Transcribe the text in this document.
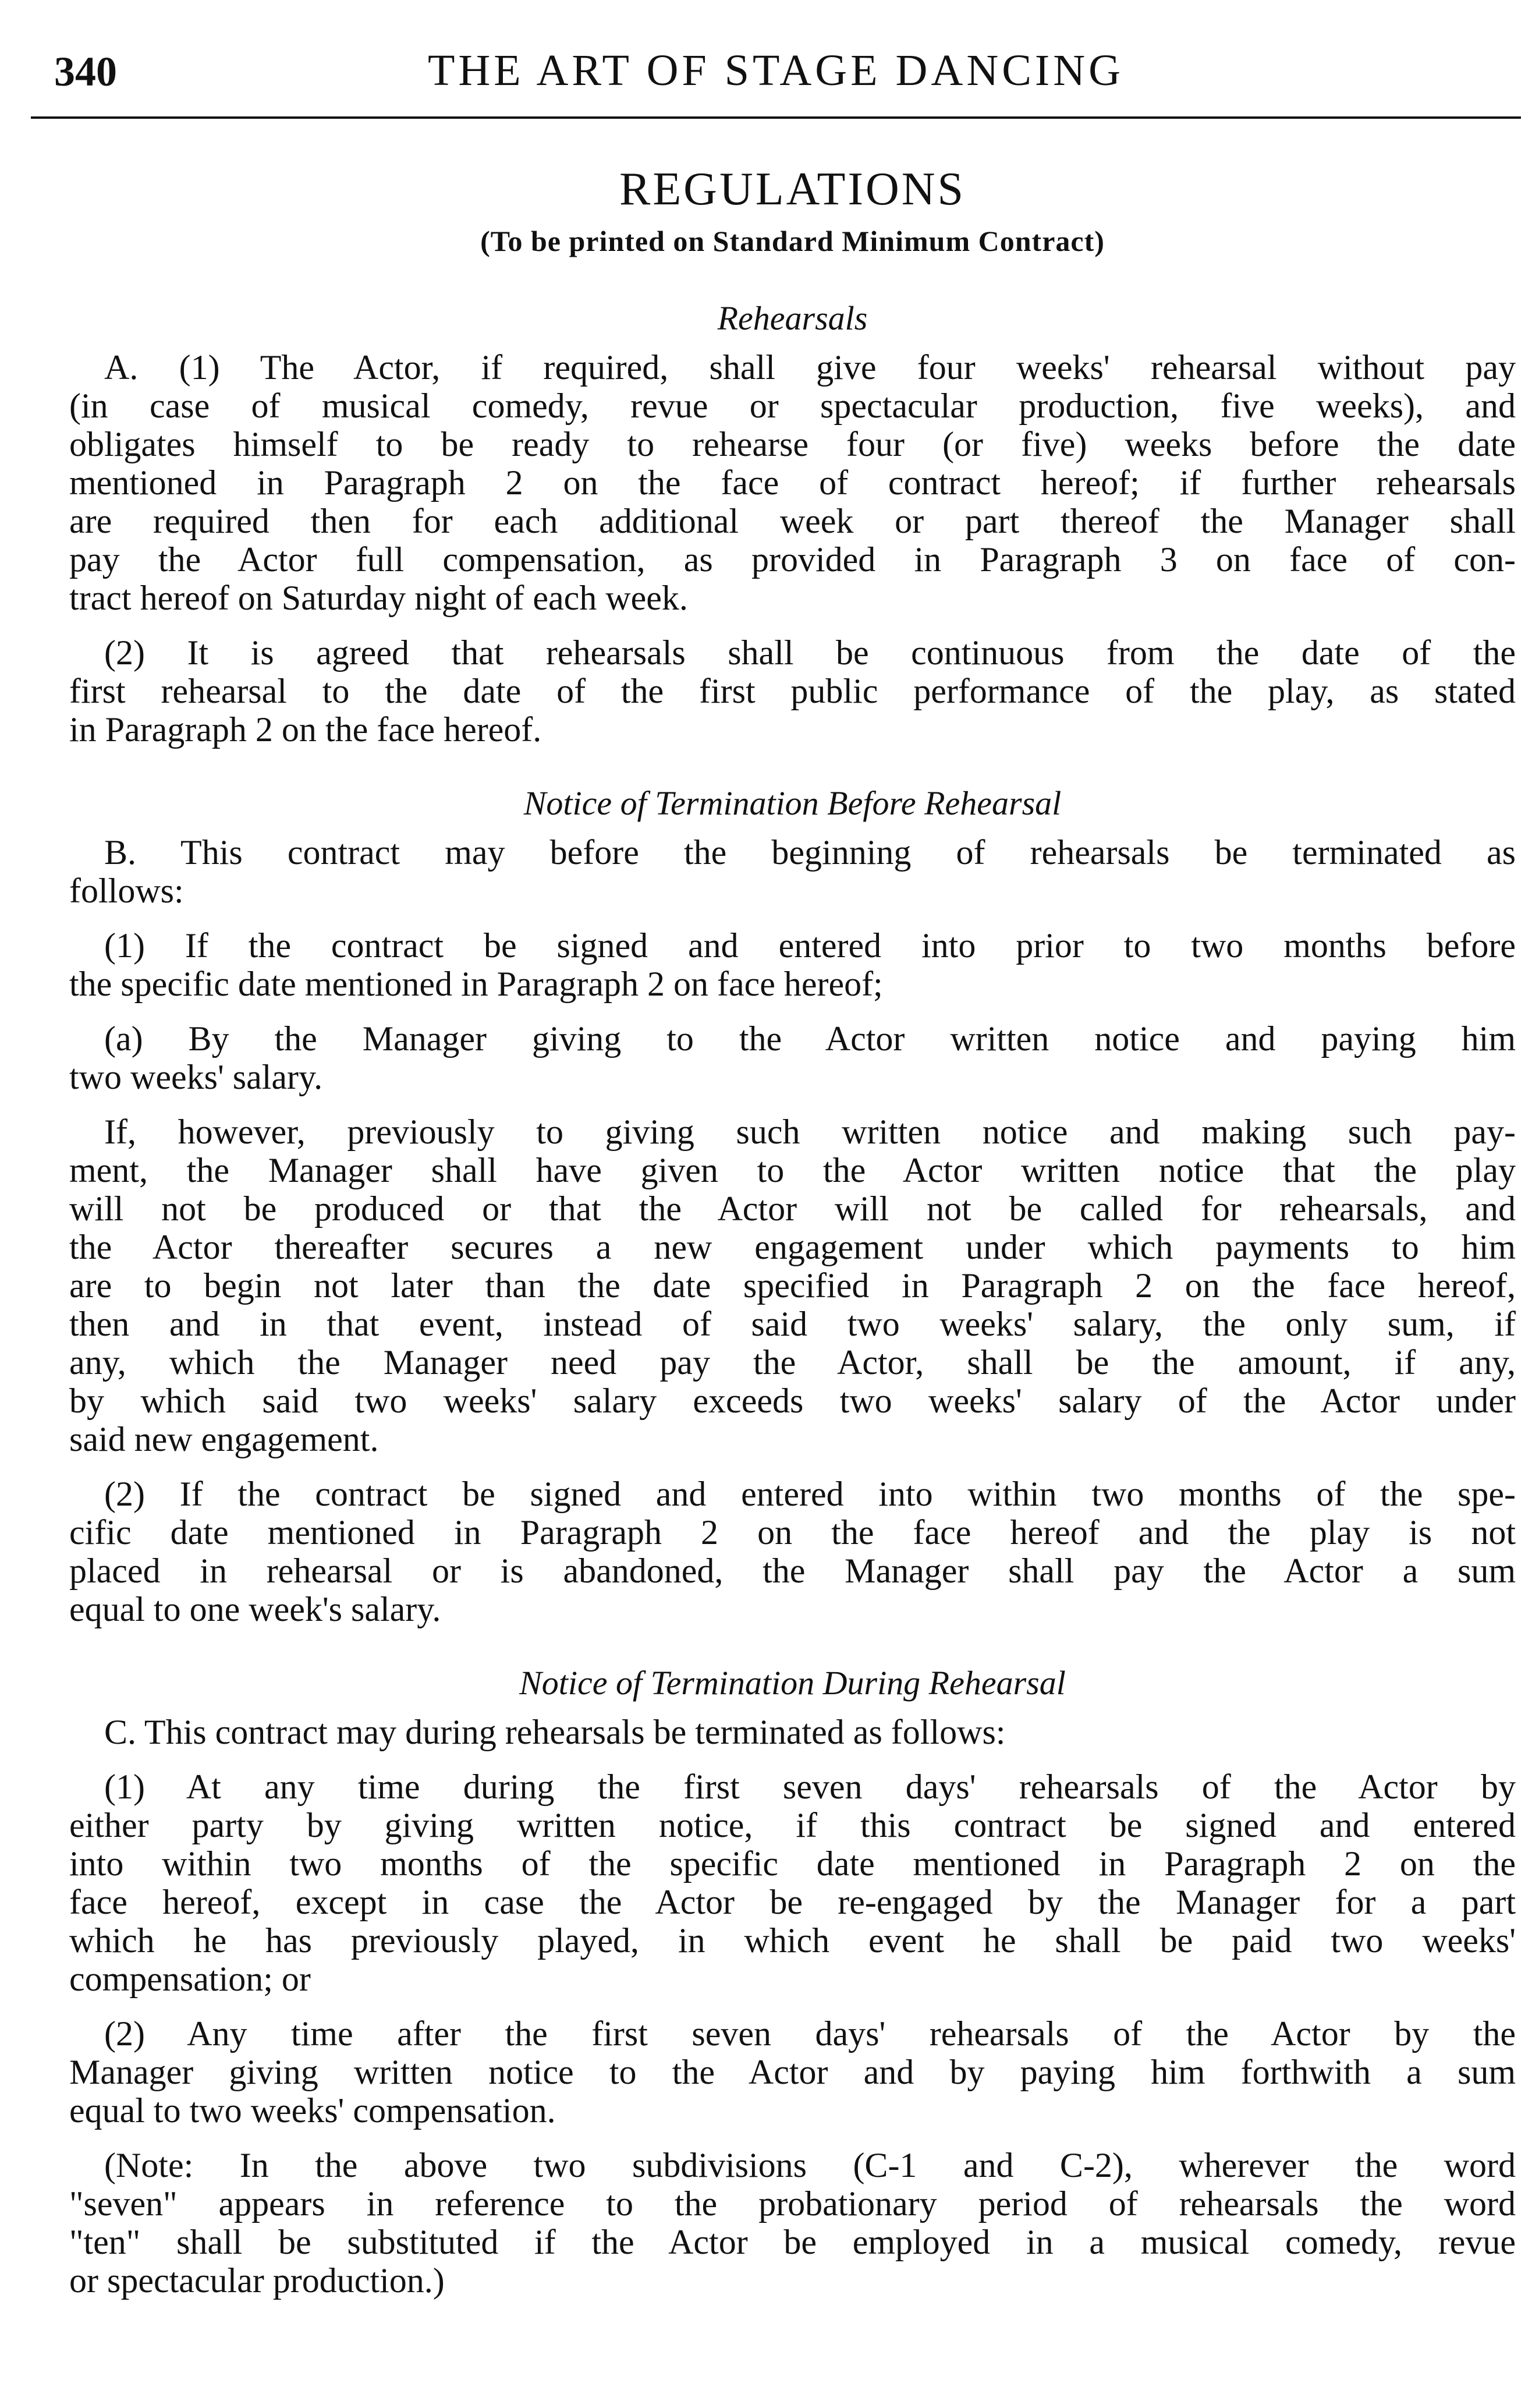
340	THE ART OF STAGE DANCING
REGULATIONS
(To be printed on Standard Minimum Contract)
Rehearsals
A. (1) The Actor, if required, shall give four weeks' rehearsal without pay
(in case of musical comedy, revue or spectacular production, five weeks), and
obligates himself to be ready to rehearse four (or five) weeks before the date
mentioned in Paragraph 2 on the face of contract hereof; if further rehearsals
are required then for each additional week or part thereof the Manager shall
pay the Actor full compensation, as provided in Paragraph 3 on face of con-
tract hereof on Saturday night of each week.
(2) It is agreed that rehearsals shall be continuous from the date of the
first rehearsal to the date of the first public performance of the play, as stated
in Paragraph 2 on the face hereof.
Notice of Termination Before Rehearsal
B. This contract may before the beginning of rehearsals be terminated as
follows:
(1) If the contract be signed and entered into prior to two months before
the specific date mentioned in Paragraph 2 on face hereof;
(a) By the Manager giving to the Actor written notice and paying him
two weeks' salary.
If, however, previously to giving such written notice and making such pay-
ment, the Manager shall have given to the Actor written notice that the play
will not be produced or that the Actor will not be called for rehearsals, and
the Actor thereafter secures a new engagement under which payments to him
are to begin not later than the date specified in Paragraph 2 on the face hereof,
then and in that event, instead of said two weeks' salary, the only sum, if
any, which the Manager need pay the Actor, shall be the amount, if any,
by which said two weeks' salary exceeds two weeks' salary of the Actor under
said new engagement.
(2) If the contract be signed and entered into within two months of the spe-
cific date mentioned in Paragraph 2 on the face hereof and the play is not
placed in rehearsal or is abandoned, the Manager shall pay the Actor a sum
equal to one week's salary.
Notice of Termination During Rehearsal
C. This contract may during rehearsals be terminated as follows:
(1) At any time during the first seven days' rehearsals of the Actor by
either party by giving written notice, if this contract be signed and entered
into within two months of the specific date mentioned in Paragraph 2 on the
face hereof, except in case the Actor be re-engaged by the Manager for a part
which he has previously played, in which event he shall be paid two weeks'
compensation; or
(2) Any time after the first seven days' rehearsals of the Actor by the
Manager giving written notice to the Actor and by paying him forthwith a sum
equal to two weeks' compensation.
(Note: In the above two subdivisions (C-1 and C-2), wherever the word
"seven" appears in reference to the probationary period of rehearsals the word
"ten" shall be substituted if the Actor be employed in a musical comedy, revue
or spectacular production.)
